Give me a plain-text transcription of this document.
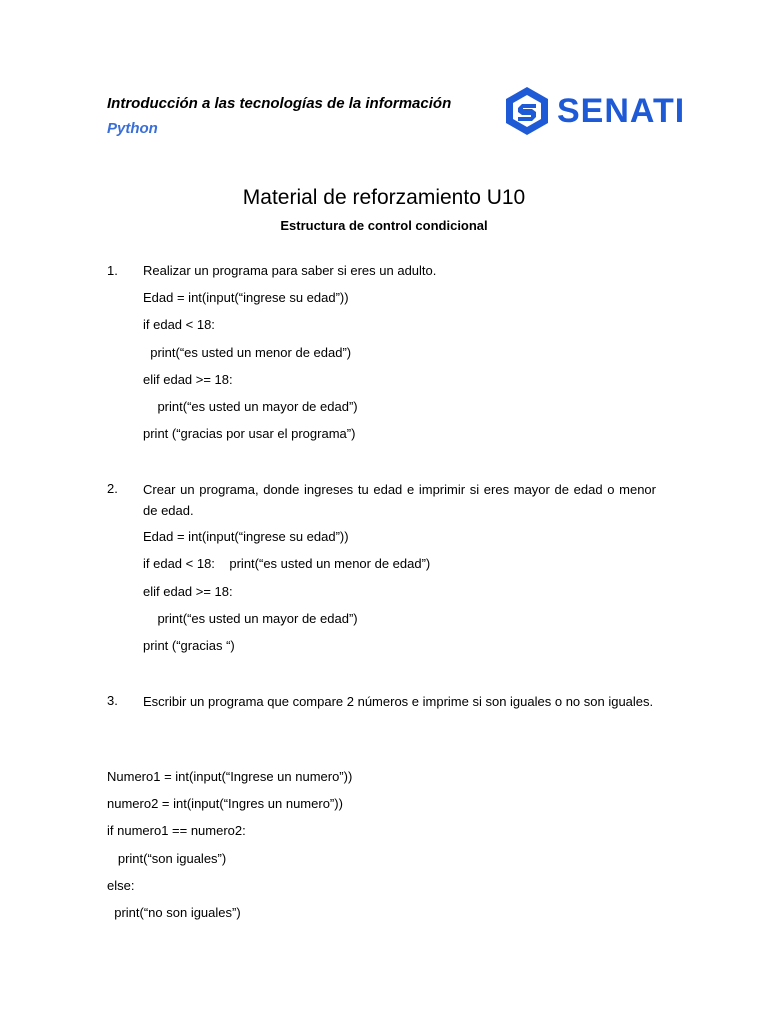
Introducción a las tecnologías de la información
Python	SENATI
Material de reforzamiento U10
Estructura de control condicional
1. Realizar un programa para saber si eres un adulto.
Edad = int(input(“ingrese su edad”))
if edad < 18:
print(“es usted un menor de edad”)
elif edad >= 18:
print(“es usted un mayor de edad”)
print (“gracias por usar el programa”)
2. Crear un programa, donde ingreses tu edad e imprimir si eres mayor de edad o menor de edad.
Edad = int(input(“ingrese su edad”))
if edad < 18:    print(“es usted un menor de edad”)
elif edad >= 18:
print(“es usted un mayor de edad”)
print (“gracias “)
3. Escribir un programa que compare 2 números e imprime si son iguales o no son iguales.
Numero1 = int(input(“Ingrese un numero”))
numero2 = int(input(“Ingres un numero”))
if numero1 == numero2:
print(“son iguales”)
else:
print(“no son iguales”)
